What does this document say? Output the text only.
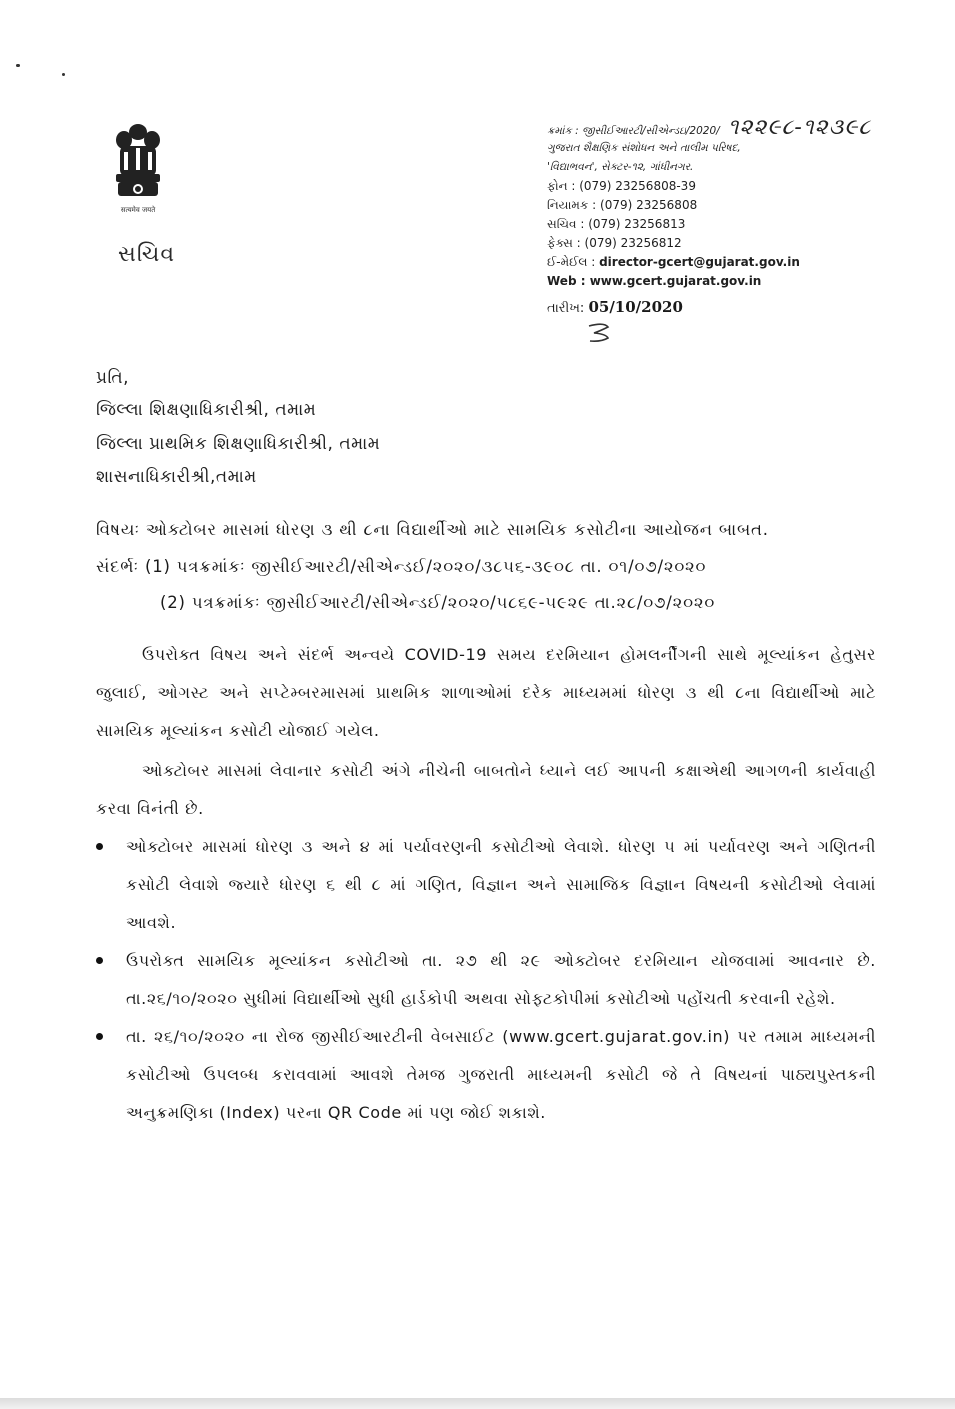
सत्यमेव जयते
સચિવ
ક્રમાંક : જીસીઈઆરટી/સીએન્ડઇ/2020/ ૧૨૨૯૮-૧૨૩૯૮
ગુજરાત શૈક્ષણિક સંશોધન અને તાલીમ પરિષદ,
'વિદ્યાભવન', સેક્ટર-૧૨, ગાંધીનગર.
ફોન : (079) 23256808-39
નિયામક : (079) 23256808
સચિવ : (079) 23256813
ફેક્સ : (079) 23256812
ઈ-મેઈલ : director-gcert@gujarat.gov.in
Web : www.gcert.gujarat.gov.in
તારીખ: 05/10/2020
પ્રતિ,
જિલ્લા શિક્ષણાધિકારીશ્રી, તમામ
જિલ્લા પ્રાથમિક શિક્ષણાધિકારીશ્રી, તમામ
શાસનાધિકારીશ્રી,તમામ
વિષયઃ ઓક્ટોબર માસમાં ધોરણ ૩ થી ૮ના વિદ્યાર્થીઓ માટે સામયિક કસોટીના આયોજન બાબત.
સંદર્ભઃ (1) પત્રક્રમાંકઃ જીસીઈઆરટી/સીએન્ડઈ/૨૦૨૦/૩૮૫૬-૩૯૦૮ તા. ૦૧/૦૭/૨૦૨૦
(2) પત્રક્રમાંકઃ જીસીઈઆરટી/સીએન્ડઈ/૨૦૨૦/૫૮૬૯-૫૯૨૯ તા.૨૮/૦૭/૨૦૨૦
ઉપરોક્ત વિષય અને સંદર્ભ અન્વયે COVID-19 સમય દરમિયાન હોમલર્નીંગની સાથે મૂલ્યાંકન હેતુસર જુલાઈ, ઓગસ્ટ અને સપ્ટેમ્બરમાસમાં પ્રાથમિક શાળાઓમાં દરેક માધ્યમમાં ધોરણ ૩ થી ૮ના વિદ્યાર્થીઓ માટે સામયિક મૂલ્યાંકન કસોટી યોજાઈ ગયેલ.
ઓક્ટોબર માસમાં લેવાનાર કસોટી અંગે નીચેની બાબતોને ધ્યાને લઈ આપની કક્ષાએથી આગળની કાર્યવાહી કરવા વિનંતી છે.
ઓક્ટોબર માસમાં ધોરણ ૩ અને ૪ માં પર્યાવરણની કસોટીઓ લેવાશે. ધોરણ ૫ માં પર્યાવરણ અને ગણિતની કસોટી લેવાશે જ્યારે ધોરણ ૬ થી ૮ માં ગણિત, વિજ્ઞાન અને સામાજિક વિજ્ઞાન વિષયની કસોટીઓ લેવામાં આવશે.
ઉપરોક્ત સામયિક મૂલ્યાંકન કસોટીઓ તા. ૨૭ થી ૨૯ ઓક્ટોબર દરમિયાન યોજવામાં આવનાર છે. તા.૨૬/૧૦/૨૦૨૦ સુધીમાં વિદ્યાર્થીઓ સુધી હાર્ડકોપી અથવા સોફ્ટકોપીમાં કસોટીઓ પહોંચતી કરવાની રહેશે.
તા. ૨૬/૧૦/૨૦૨૦ ના રોજ જીસીઈઆરટીની વેબસાઈટ (www.gcert.gujarat.gov.in) પર તમામ માધ્યમની કસોટીઓ ઉપલબ્ધ કરાવવામાં આવશે તેમજ ગુજરાતી માધ્યમની કસોટી જે તે વિષયનાં પાઠ્યપુસ્તકની અનુક્રમણિકા (Index) પરના QR Code માં પણ જોઈ શકાશે.
